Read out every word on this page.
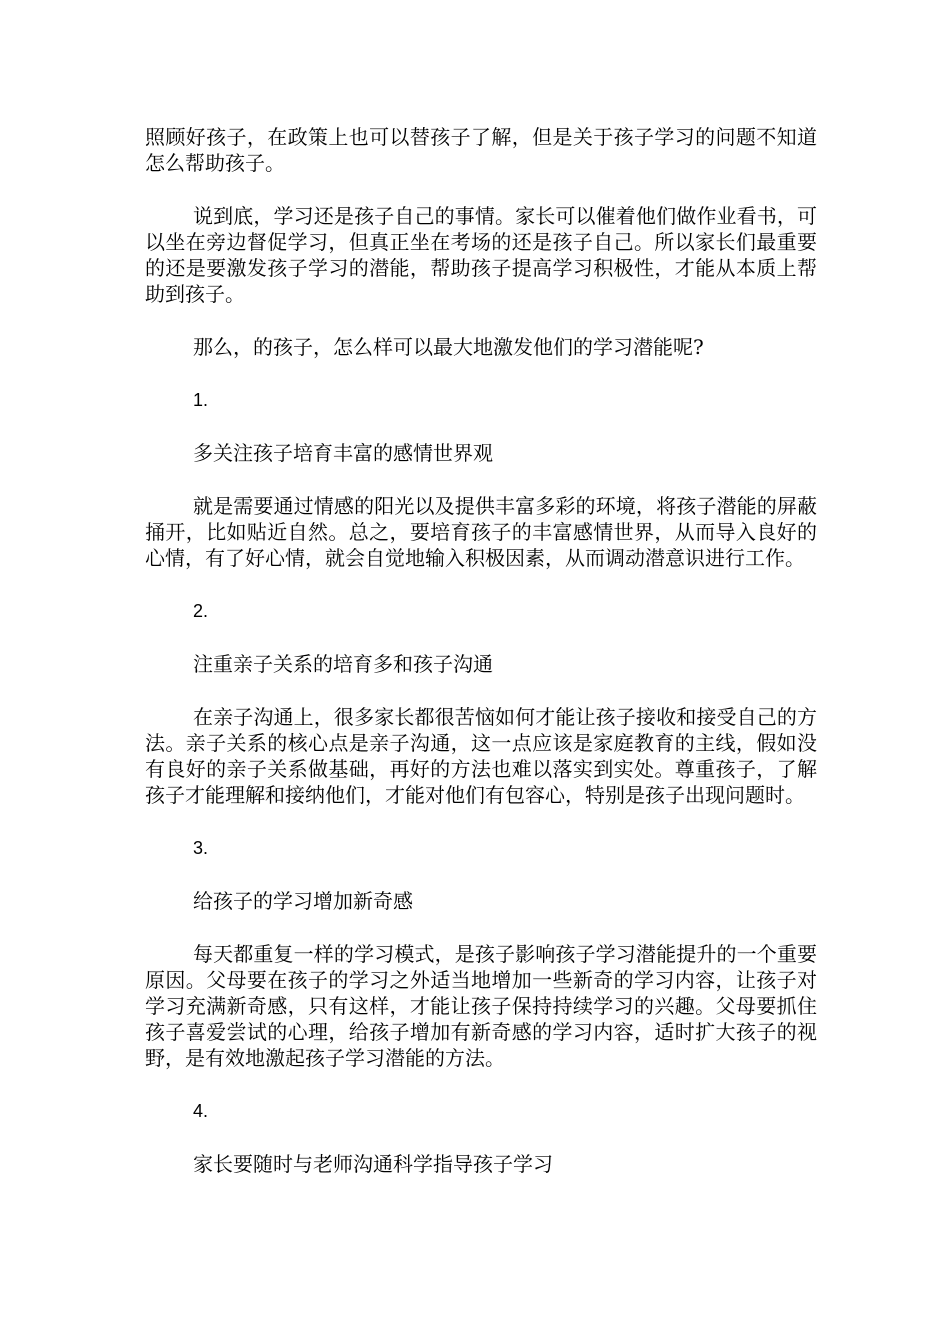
照顾好孩子，在政策上也可以替孩子了解，但是关于孩子学习的问题不知道怎么帮助孩子。

说到底，学习还是孩子自己的事情。家长可以催着他们做作业看书，可以坐在旁边督促学习，但真正坐在考场的还是孩子自己。所以家长们最重要的还是要激发孩子学习的潜能，帮助孩子提高学习积极性，才能从本质上帮助到孩子。

那么，的孩子，怎么样可以最大地激发他们的学习潜能呢?

1.

多关注孩子培育丰富的感情世界观

就是需要通过情感的阳光以及提供丰富多彩的环境，将孩子潜能的屏蔽捅开，比如贴近自然。总之，要培育孩子的丰富感情世界，从而导入良好的心情，有了好心情，就会自觉地输入积极因素，从而调动潜意识进行工作。

2.

注重亲子关系的培育多和孩子沟通

在亲子沟通上，很多家长都很苦恼如何才能让孩子接收和接受自己的方法。亲子关系的核心点是亲子沟通，这一点应该是家庭教育的主线，假如没有良好的亲子关系做基础，再好的方法也难以落实到实处。尊重孩子，了解孩子才能理解和接纳他们，才能对他们有包容心，特别是孩子出现问题时。

3.

给孩子的学习增加新奇感

每天都重复一样的学习模式，是孩子影响孩子学习潜能提升的一个重要原因。父母要在孩子的学习之外适当地增加一些新奇的学习内容，让孩子对学习充满新奇感，只有这样，才能让孩子保持持续学习的兴趣。父母要抓住孩子喜爱尝试的心理，给孩子增加有新奇感的学习内容，适时扩大孩子的视野，是有效地激起孩子学习潜能的方法。

4.

家长要随时与老师沟通科学指导孩子学习
